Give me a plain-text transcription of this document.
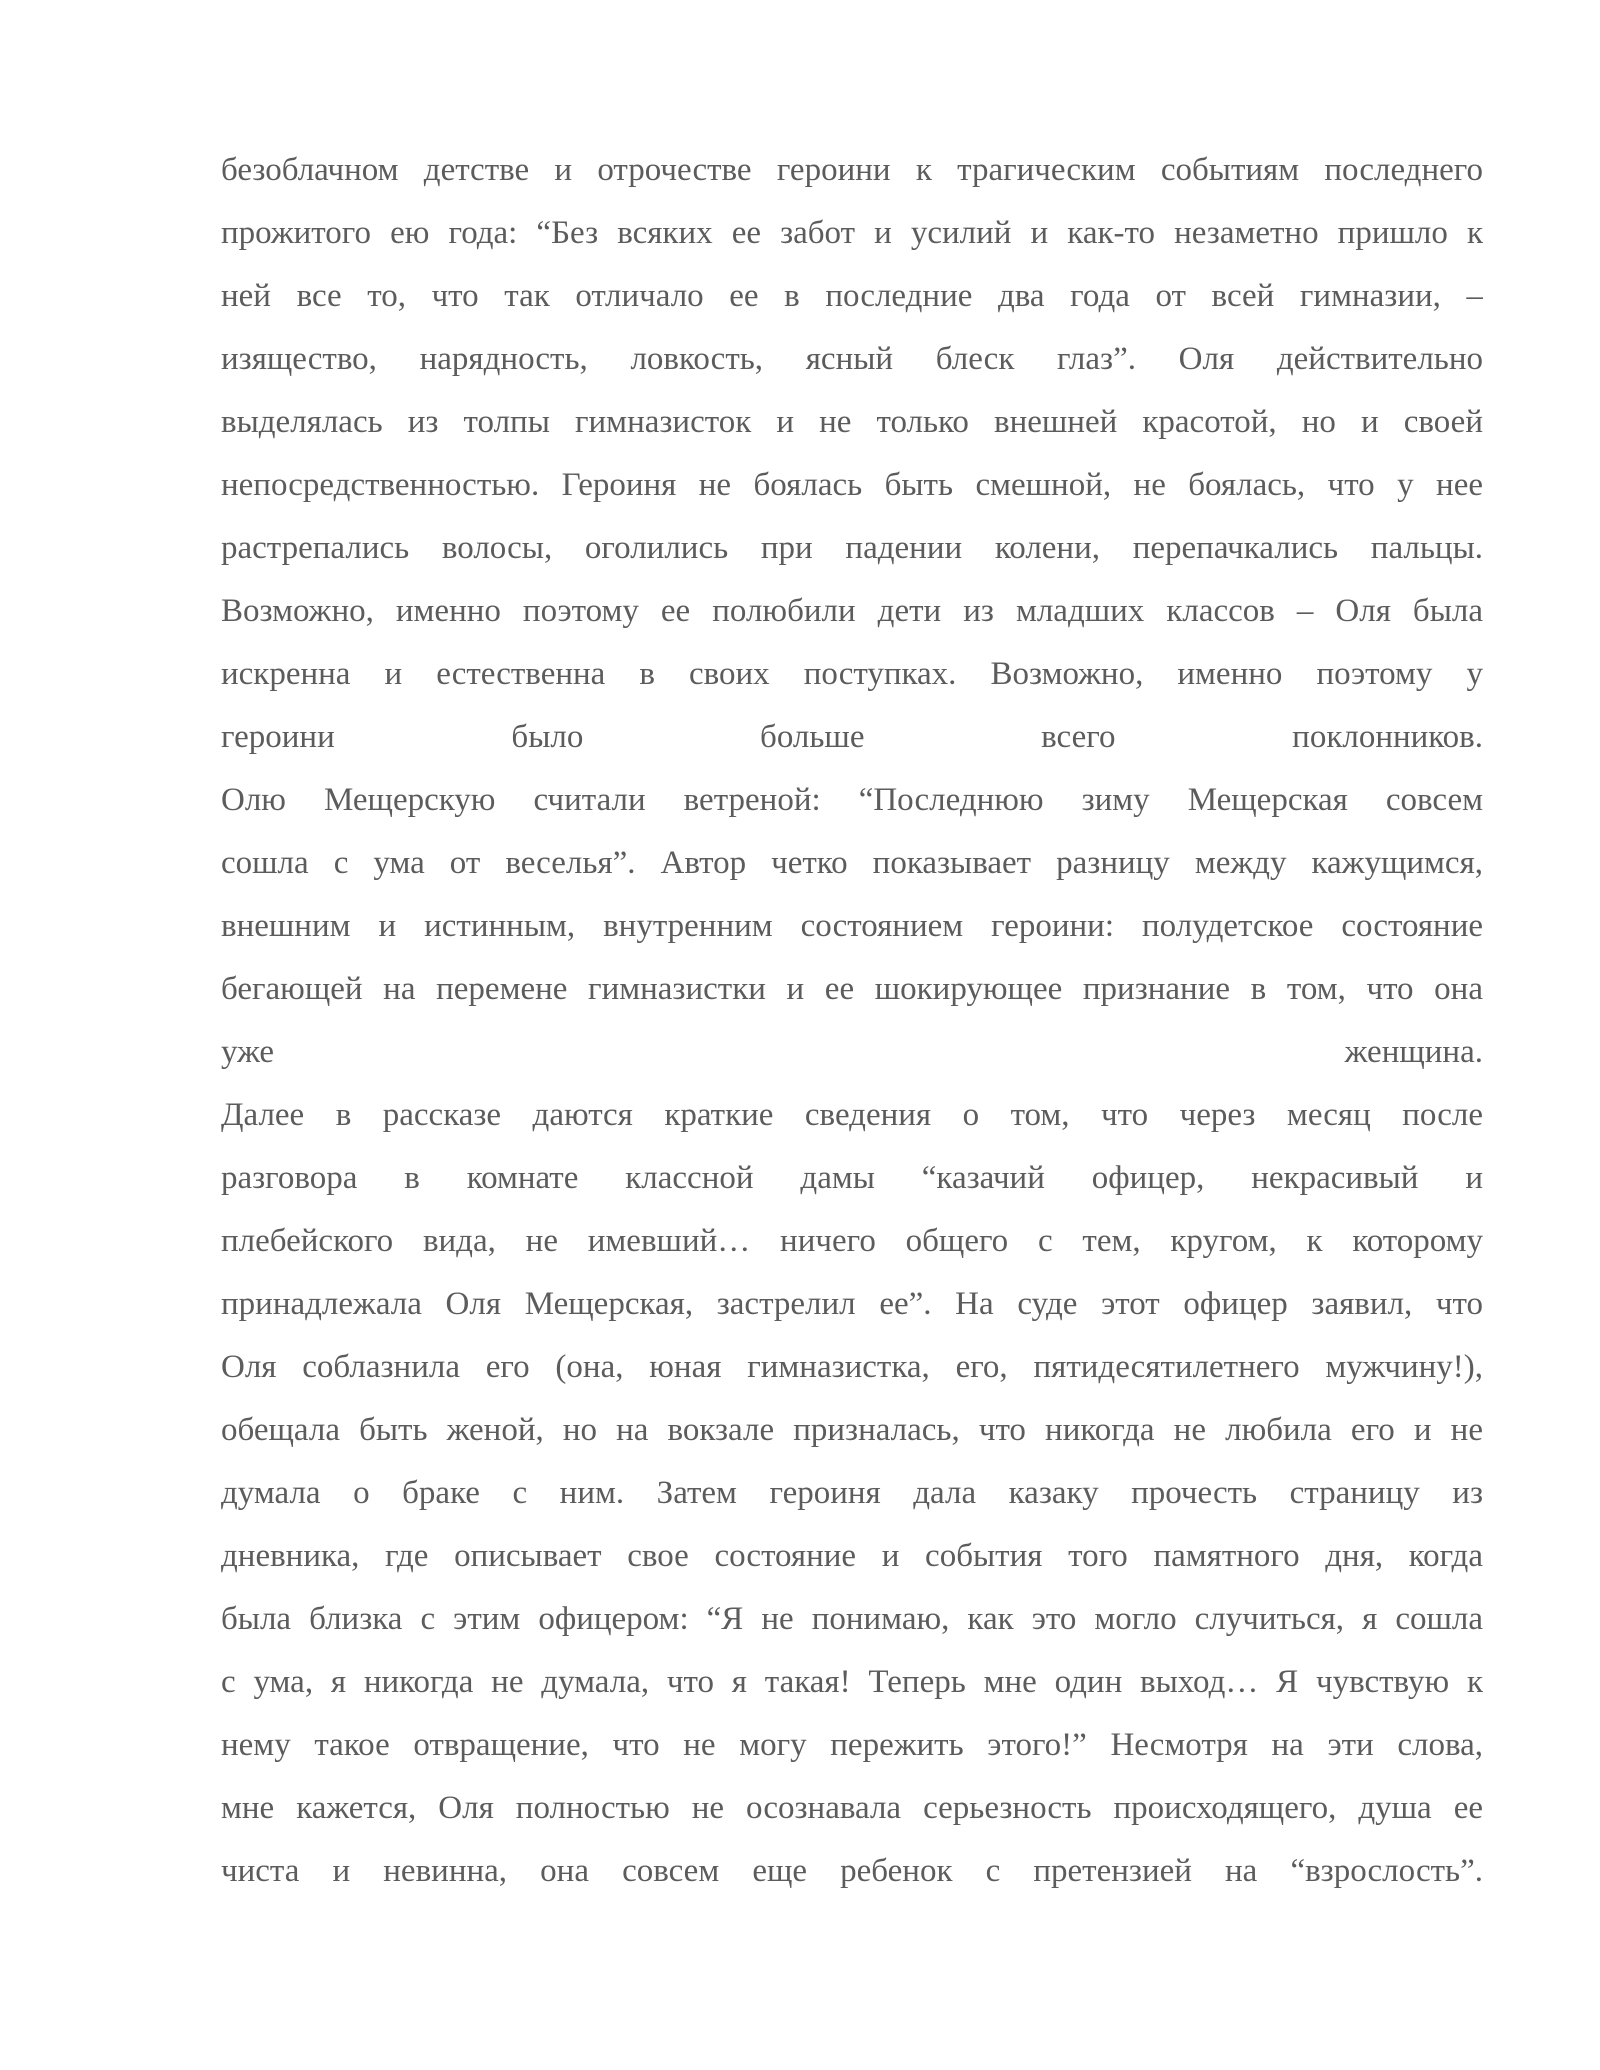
безоблачном детстве и отрочестве героини к трагическим событиям последнего
прожитого ею года: “Без всяких ее забот и усилий и как-то незаметно пришло к
ней все то, что так отличало ее в последние два года от всей гимназии, –
изящество, нарядность, ловкость, ясный блеск глаз”. Оля действительно
выделялась из толпы гимназисток и не только внешней красотой, но и своей
непосредственностью. Героиня не боялась быть смешной, не боялась, что у нее
растрепались волосы, оголились при падении колени, перепачкались пальцы.
Возможно, именно поэтому ее полюбили дети из младших классов – Оля была
искренна и естественна в своих поступках. Возможно, именно поэтому у
героини было больше всего поклонников.
Олю Мещерскую считали ветреной: “Последнюю зиму Мещерская совсем
сошла с ума от веселья”. Автор четко показывает разницу между кажущимся,
внешним и истинным, внутренним состоянием героини: полудетское состояние
бегающей на перемене гимназистки и ее шокирующее признание в том, что она
уже женщина.
Далее в рассказе даются краткие сведения о том, что через месяц после
разговора в комнате классной дамы “казачий офицер, некрасивый и
плебейского вида, не имевший… ничего общего с тем, кругом, к которому
принадлежала Оля Мещерская, застрелил ее”. На суде этот офицер заявил, что
Оля соблазнила его (она, юная гимназистка, его, пятидесятилетнего мужчину!),
обещала быть женой, но на вокзале призналась, что никогда не любила его и не
думала о браке с ним. Затем героиня дала казаку прочесть страницу из
дневника, где описывает свое состояние и события того памятного дня, когда
была близка с этим офицером: “Я не понимаю, как это могло случиться, я сошла
с ума, я никогда не думала, что я такая! Теперь мне один выход… Я чувствую к
нему такое отвращение, что не могу пережить этого!” Несмотря на эти слова,
мне кажется, Оля полностью не осознавала серьезность происходящего, душа ее
чиста и невинна, она совсем еще ребенок с претензией на “взрослость”.
